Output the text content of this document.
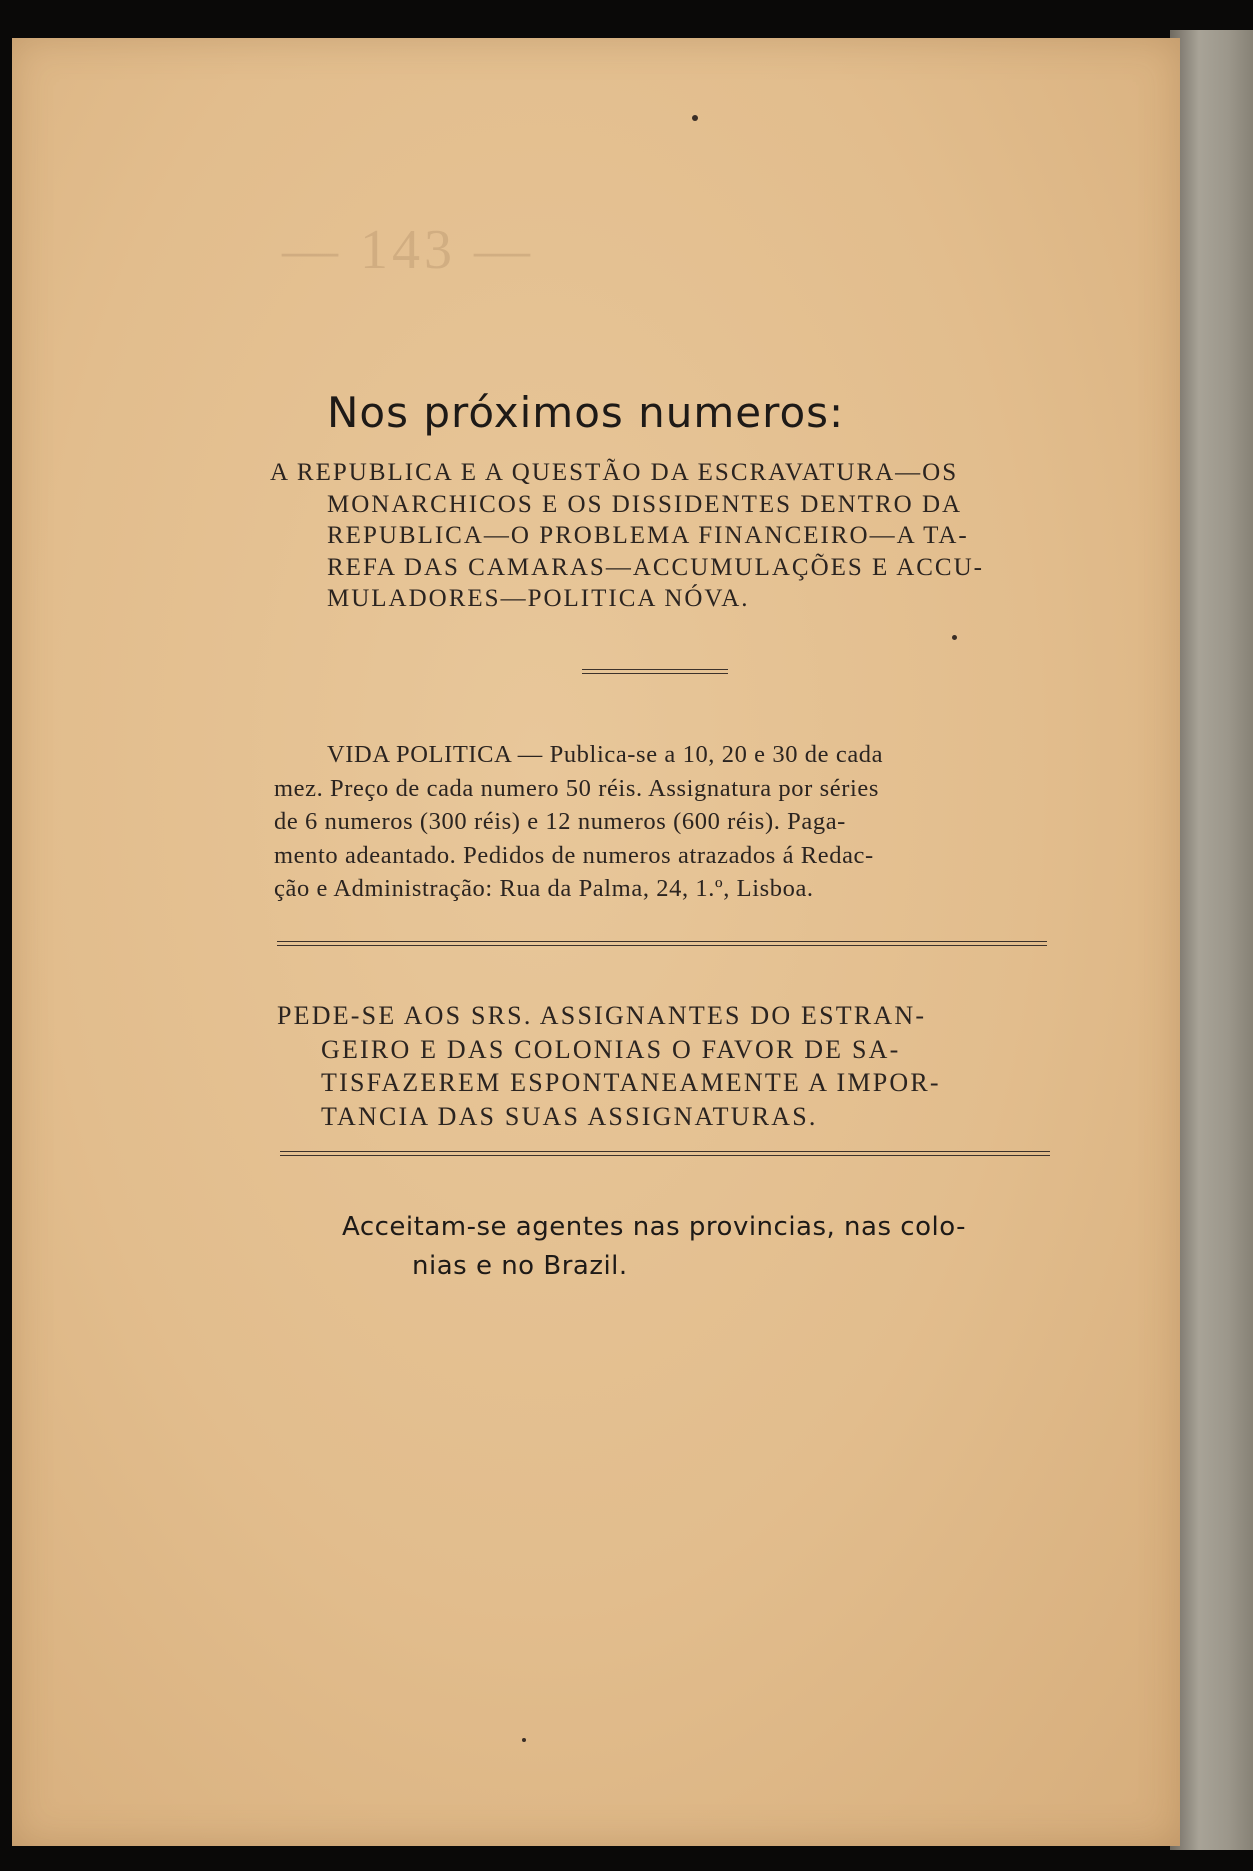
— 143 —
Nos próximos numeros:
A REPUBLICA E A QUESTÃO DA ESCRAVATURA—OS
MONARCHICOS E OS DISSIDENTES DENTRO DA
REPUBLICA—O PROBLEMA FINANCEIRO—A TA-
REFA DAS CAMARAS—ACCUMULAÇÕES E ACCU-
MULADORES—POLITICA NÓVA.
VIDA POLITICA — Publica-se a 10, 20 e 30 de cada
mez. Preço de cada numero 50 réis. Assignatura por séries
de 6 numeros (300 réis) e 12 numeros (600 réis). Paga-
mento adeantado. Pedidos de numeros atrazados á Redac-
ção e Administração: Rua da Palma, 24, 1.º, Lisboa.
PEDE-SE AOS SRS. ASSIGNANTES DO ESTRAN-
GEIRO E DAS COLONIAS O FAVOR DE SA-
TISFAZEREM ESPONTANEAMENTE A IMPOR-
TANCIA DAS SUAS ASSIGNATURAS.
Acceitam-se agentes nas provincias, nas colo-
nias e no Brazil.
